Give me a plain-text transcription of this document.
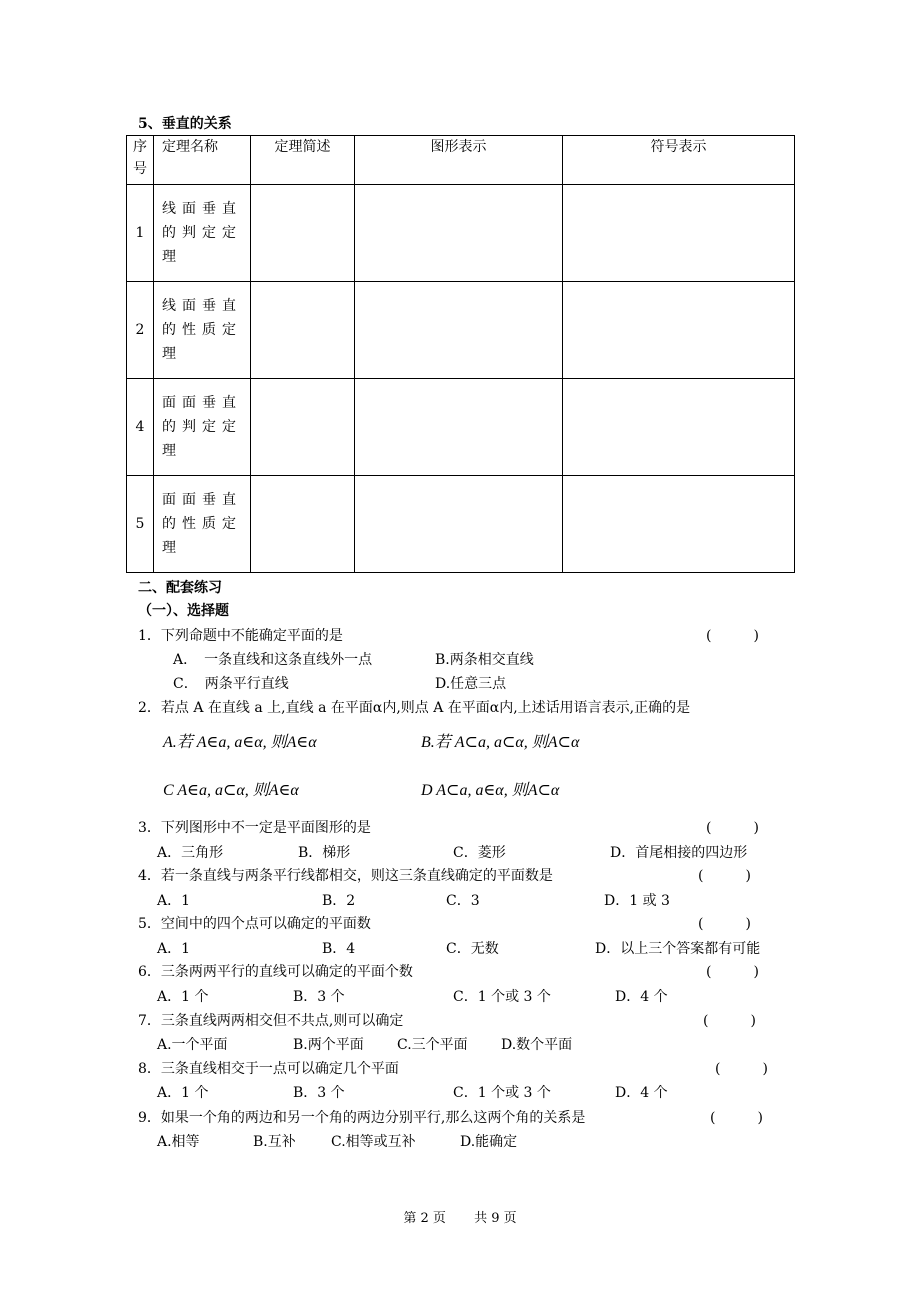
5、垂直的关系
序号	定理名称	定理简述	图形表示	符号表示
1	线面垂直的判定定理			
2	线面垂直的性质定理			
4	面面垂直的判定定理			
5	面面垂直的性质定理			
二、配套练习
（一）、选择题
1．下列命题中不能确定平面的是	(　　　)
A．　一条直线和这条直线外一点	B.两条相交直线
C．　两条平行直线	D.任意三点
2．若点 A 在直线 a 上,直线 a 在平面α内,则点 A 在平面α内,上述话用语言表示,正确的是
A.若 A∈a, a∈α, 则A∈α	B.若 A⊂a, a⊂α, 则A⊂α
C A∈a, a⊂α, 则A∈α	D A⊂a, a∈α, 则A⊂α
3．下列图形中不一定是平面图形的是	(　　　)
A．三角形	B．梯形	C．菱形	D．首尾相接的四边形
4．若一条直线与两条平行线都相交，则这三条直线确定的平面数是	(　　　)
A．1	B．2	C．3	D．1 或 3
5．空间中的四个点可以确定的平面数	(　　　)
A．1	B．4	C．无数	D．以上三个答案都有可能
6．三条两两平行的直线可以确定的平面个数	(　　　)
A．1 个	B．3 个	C．1 个或 3 个	D．4 个
7．三条直线两两相交但不共点,则可以确定	(　　　)
A.一个平面	B.两个平面 C.三个平面 D.数个平面
8．三条直线相交于一点可以确定几个平面	(　　　)
A．1 个	B．3 个	C．1 个或 3 个	D．4 个
9．如果一个角的两边和另一个角的两边分别平行,那么这两个角的关系是	(　　　)
A.相等	B.互补	C.相等或互补	D.能确定
第 2 页 共 9 页
